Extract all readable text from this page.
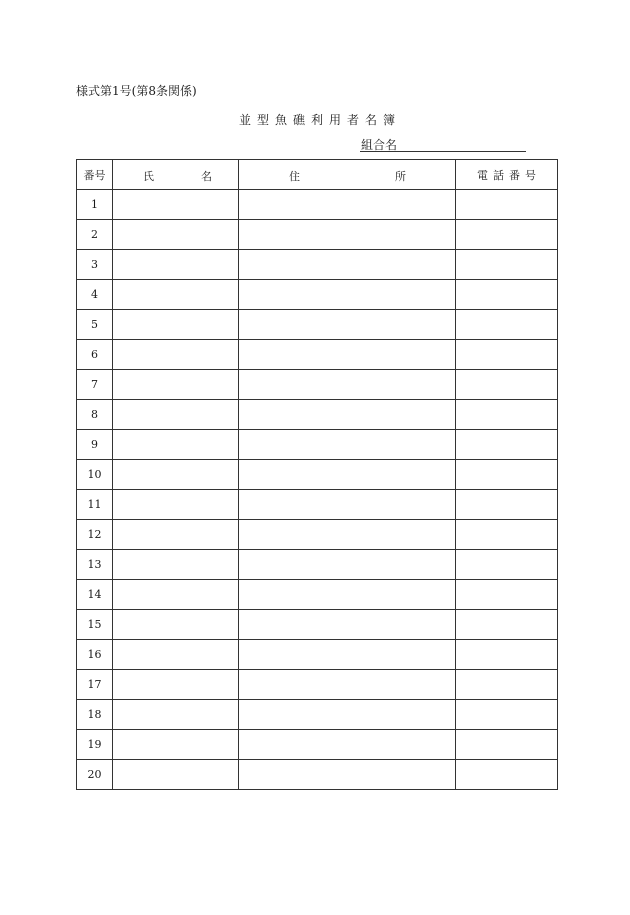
様式第1号(第8条関係)
並型魚礁利用者名簿
組合名
番号	氏 名	住 所	電話番号
1			
2			
3			
4			
5			
6			
7			
8			
9			
10			
11			
12			
13			
14			
15			
16			
17			
18			
19			
20			
